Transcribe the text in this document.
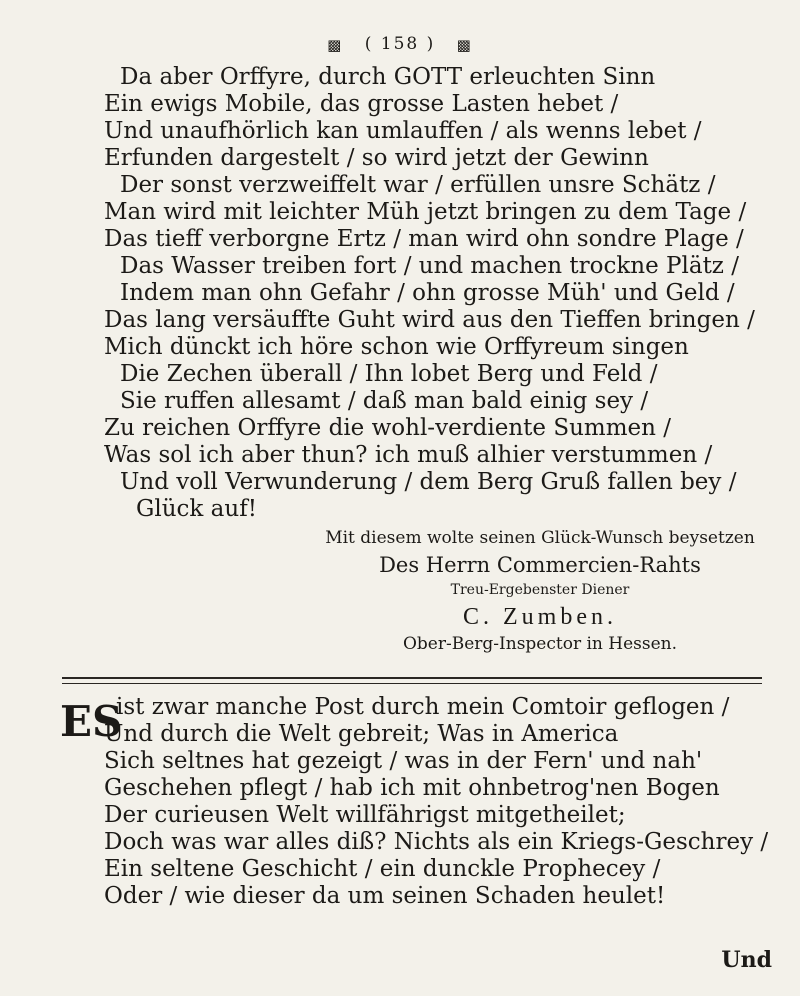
▩ ( 158 ) ▩
Da aber Orffyre, durch GOTT erleuchten Sinn
Ein ewigs Mobile, das grosse Lasten hebet /
Und unaufhörlich kan umlauffen / als wenns lebet /
Erfunden dargestelt / so wird jetzt der Gewinn
Der sonst verzweiffelt war / erfüllen unsre Schätz /
Man wird mit leichter Müh jetzt bringen zu dem Tage /
Das tieff verborgne Ertz / man wird ohn sondre Plage /
Das Wasser treiben fort / und machen trockne Plätz /
Indem man ohn Gefahr / ohn grosse Müh' und Geld /
Das lang versäuffte Guht wird aus den Tieffen bringen /
Mich dünckt ich höre schon wie Orffyreum singen
Die Zechen überall / Ihn lobet Berg und Feld /
Sie ruffen allesamt / daß man bald einig sey /
Zu reichen Orffyre die wohl-verdiente Summen /
Was sol ich aber thun? ich muß alhier verstummen /
Und voll Verwunderung / dem Berg Gruß fallen bey /
Glück auf!
Mit diesem wolte seinen Glück-Wunsch beysetzen
Des Herrn Commercien-Rahts
Treu-Ergebenster Diener
C. Zumben.
Ober-Berg-Inspector in Hessen.
ES
ist zwar manche Post durch mein Comtoir geflogen /
Und durch die Welt gebreit; Was in America
Sich seltnes hat gezeigt / was in der Fern' und nah'
Geschehen pflegt / hab ich mit ohnbetrog'nen Bogen
Der curieusen Welt willfährigst mitgetheilet;
Doch was war alles diß? Nichts als ein Kriegs-Geschrey /
Ein seltene Geschicht / ein dunckle Prophecey /
Oder / wie dieser da um seinen Schaden heulet!
Und
